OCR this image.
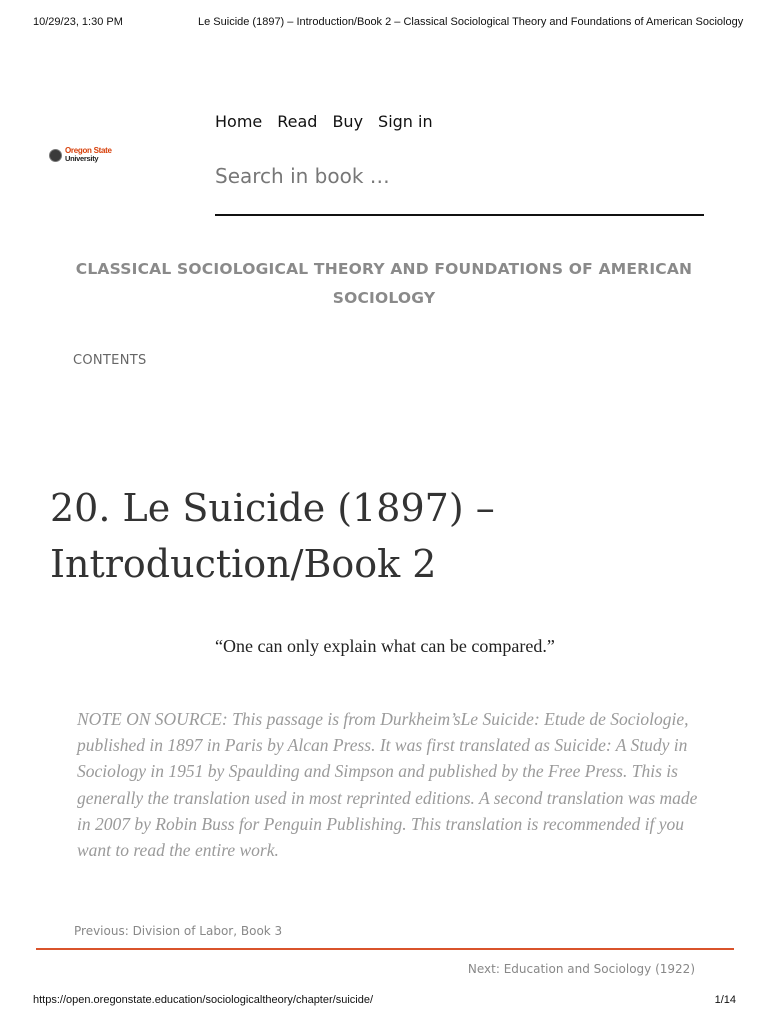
10/29/23, 1:30 PM	Le Suicide (1897) – Introduction/Book 2 – Classical Sociological Theory and Foundations of American Sociology
Oregon State
University
Home Read Buy Sign in
Search in book …
CLASSICAL SOCIOLOGICAL THEORY AND FOUNDATIONS OF AMERICAN SOCIOLOGY
CONTENTS
20. Le Suicide (1897) – Introduction/Book 2
“One can only explain what can be compared.”

NOTE ON SOURCE: This passage is from Durkheim’sLe Suicide: Etude de Sociologie, published in 1897 in Paris by Alcan Press. It was first translated as Suicide: A Study in Sociology in 1951 by Spaulding and Simpson and published by the Free Press. This is generally the translation used in most reprinted editions. A second translation was made in 2007 by Robin Buss for Penguin Publishing. This translation is recommended if you want to read the entire work.

Previous: Division of Labor, Book 3
Next: Education and Sociology (1922)
https://open.oregonstate.education/sociologicaltheory/chapter/suicide/	1/14
